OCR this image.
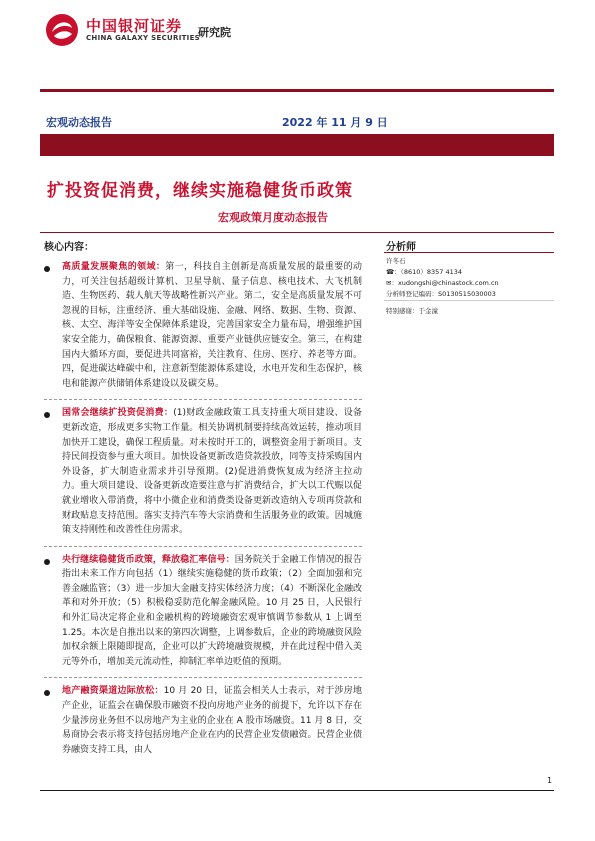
中国银河证券
CHINA GALAXY SECURITIES
研究院
宏观动态报告	2022 年 11 月 9 日
扩投资促消费，继续实施稳健货币政策
宏观政策月度动态报告
核心内容：	分析师
许冬石
☎：（8610）8357 4134
✉：xudongshi@chinastock.com.cn
分析师登记编码：S0130515030003
特别感谢：于金潼

高质量发展聚焦的领域：第一，科技自主创新是高质量发展的最重要的动力，可关注包括超级计算机、卫星导航、量子信息、核电技术、大飞机制造、生物医药、载人航天等战略性新兴产业。第二，安全是高质量发展不可忽视的目标，注重经济、重大基础设施、金融、网络、数据、生物、资源、核、太空、海洋等安全保障体系建设，完善国家安全力量布局，增强维护国家安全能力，确保粮食、能源资源、重要产业链供应链安全。第三，在构建国内大循环方面，要促进共同富裕，关注教育、住房、医疗、养老等方面。四，促进碳达峰碳中和，注意新型能源体系建设，水电开发和生态保护，核电和能源产供储销体系建设以及碳交易。

国常会继续扩投资促消费：(1)财政金融政策工具支持重大项目建设、设备更新改造，形成更多实物工作量。相关协调机制要持续高效运转，推动项目加快开工建设，确保工程质量。对未按时开工的，调整资金用于新项目。支持民间投资参与重大项目。加快设备更新改造贷款投放，同等支持采购国内外设备，扩大制造业需求并引导预期。(2)促进消费恢复成为经济主拉动力。重大项目建设、设备更新改造要注意与扩消费结合，扩大以工代赈以促就业增收入带消费，将中小微企业和消费类设备更新改造纳入专项再贷款和财政贴息支持范围。落实支持汽车等大宗消费和生活服务业的政策。因城施策支持刚性和改善性住房需求。

央行继续稳健货币政策，释放稳汇率信号：国务院关于金融工作情况的报告指出未来工作方向包括（1）继续实施稳健的货币政策；（2）全面加强和完善金融监管；（3）进一步加大金融支持实体经济力度；（4）不断深化金融改革和对外开放；（5）积极稳妥防范化解金融风险。10 月 25 日，人民银行和外汇局决定将企业和金融机构的跨境融资宏观审慎调节参数从 1 上调至 1.25。本次是自推出以来的第四次调整，上调参数后，企业的跨境融资风险加权余额上限随即提高，企业可以扩大跨境融资规模，并在此过程中借入美元等外币，增加美元流动性，抑制汇率单边贬值的预期。

地产融资渠道边际放松：10 月 20 日，证监会相关人士表示，对于涉房地产企业，证监会在确保股市融资不投向房地产业务的前提下，允许以下存在少量涉房业务但不以房地产为主业的企业在 A 股市场融资。11 月 8 日，交易商协会表示将支持包括房地产企业在内的民营企业发债融资。民营企业债券融资支持工具，由人

1
